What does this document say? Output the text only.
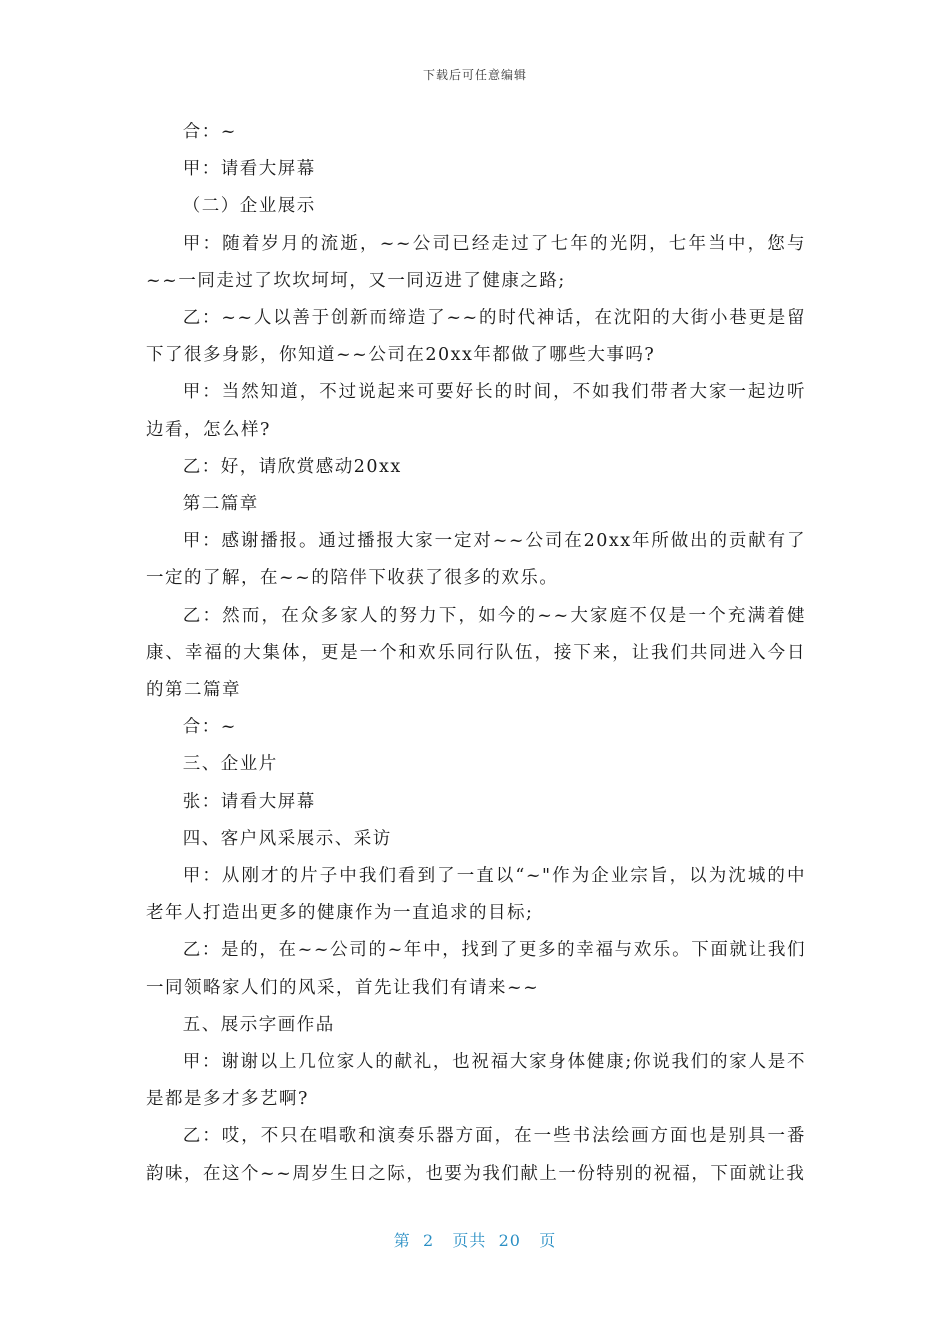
下载后可任意编辑

合：~

甲：请看大屏幕

（二）企业展示

甲：随着岁月的流逝，~~公司已经走过了七年的光阴，七年当中，您与~~一同走过了坎坎坷坷，又一同迈进了健康之路;

乙：~~人以善于创新而缔造了~~的时代神话，在沈阳的大街小巷更是留下了很多身影，你知道~~公司在20xx年都做了哪些大事吗?

甲：当然知道，不过说起来可要好长的时间，不如我们带者大家一起边听边看，怎么样?

乙：好，请欣赏感动20xx

第二篇章

甲：感谢播报。通过播报大家一定对~~公司在20xx年所做出的贡献有了一定的了解，在~~的陪伴下收获了很多的欢乐。

乙：然而，在众多家人的努力下，如今的~~大家庭不仅是一个充满着健康、幸福的大集体，更是一个和欢乐同行队伍，接下来，让我们共同进入今日的第二篇章

合：~

三、企业片

张：请看大屏幕

四、客户风采展示、采访

甲：从刚才的片子中我们看到了一直以“~"作为企业宗旨，以为沈城的中老年人打造出更多的健康作为一直追求的目标;

乙：是的，在~~公司的~年中，找到了更多的幸福与欢乐。下面就让我们一同领略家人们的风采，首先让我们有请来~~

五、展示字画作品

甲：谢谢以上几位家人的献礼，也祝福大家身体健康;你说我们的家人是不是都是多才多艺啊?

乙：哎，不只在唱歌和演奏乐器方面，在一些书法绘画方面也是别具一番韵味，在这个~~周岁生日之际，也要为我们献上一份特别的祝福，下面就让我

第  2   页共  20   页
